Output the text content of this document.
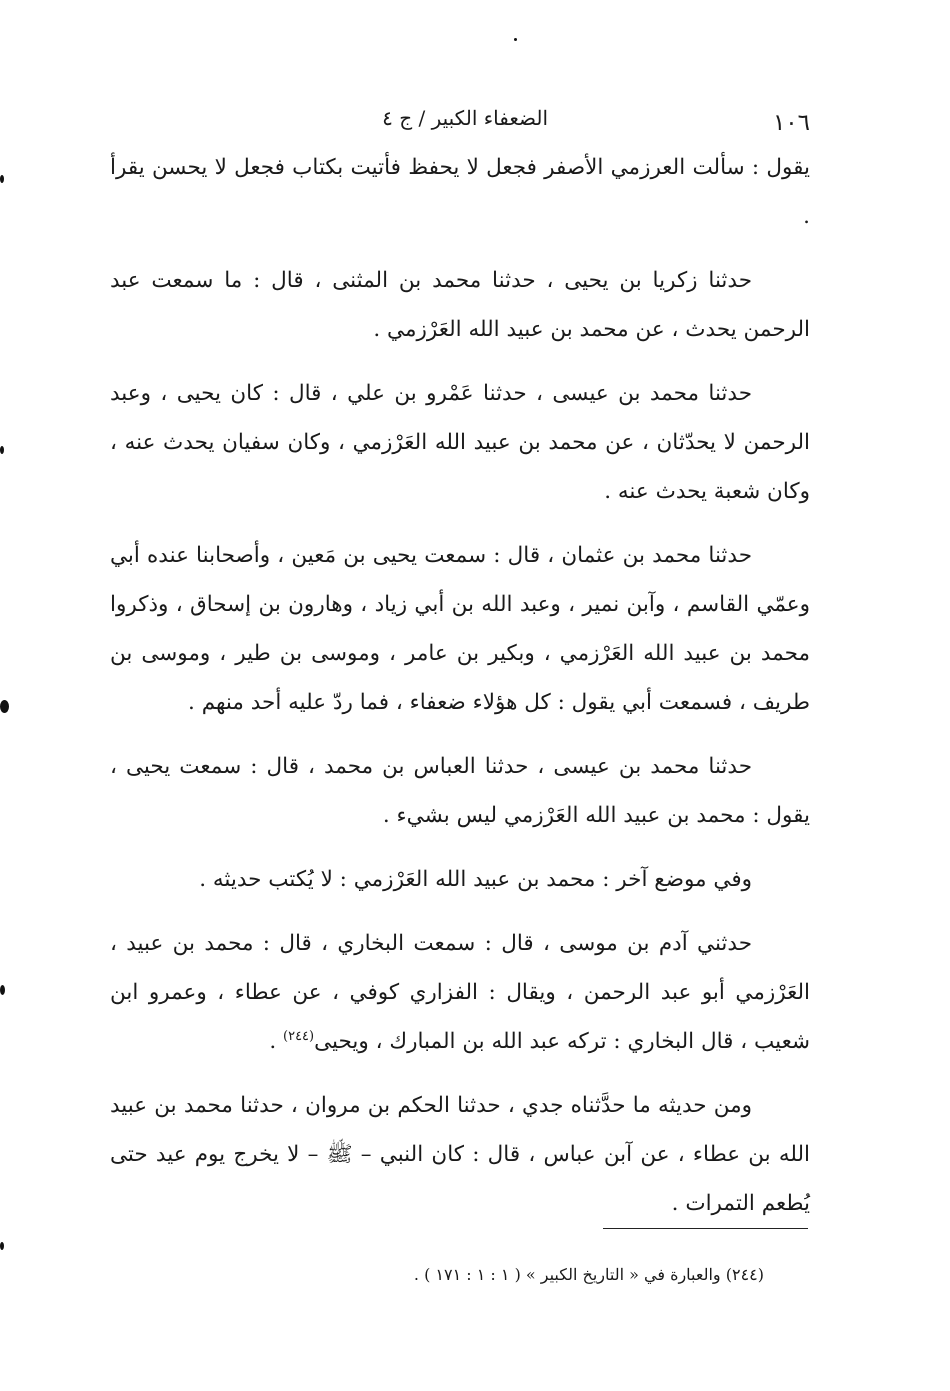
١٠٦
الضعفاء الكبير / ج ٤

يقول : سألت العرزمي الأصفر فجعل لا يحفظ فأتيت بكتاب فجعل لا يحسن يقرأ .

حدثنا زكريا بن يحيى ، حدثنا محمد بن المثنى ، قال : ما سمعت عبد الرحمن يحدث ، عن محمد بن عبيد الله العَرْزمي .

حدثنا محمد بن عيسى ، حدثنا عَمْرو بن علي ، قال : كان يحيى ، وعبد الرحمن لا يحدّثان ، عن محمد بن عبيد الله العَرْزمي ، وكان سفيان يحدث عنه ، وكان شعبة يحدث عنه .

حدثنا محمد بن عثمان ، قال : سمعت يحيى بن مَعين ، وأصحابنا عنده أبي وعمّي القاسم ، وآبن نمير ، وعبد الله بن أبي زياد ، وهارون بن إسحاق ، وذكروا محمد بن عبيد الله العَرْزمي ، وبكير بن عامر ، وموسى بن طير ، وموسى بن طريف ، فسمعت أبي يقول : كل هؤلاء ضعفاء ، فما ردّ عليه أحد منهم .

حدثنا محمد بن عيسى ، حدثنا العباس بن محمد ، قال : سمعت يحيى ، يقول : محمد بن عبيد الله العَرْزمي ليس بشيء .

وفي موضع آخر : محمد بن عبيد الله العَرْزمي : لا يُكتب حديثه .

حدثني آدم بن موسى ، قال : سمعت البخاري ، قال : محمد بن عبيد ، العَرْزمي أبو عبد الرحمن ، ويقال : الفزاري كوفي ، عن عطاء ، وعمرو ابن شعيب ، قال البخاري : تركه عبد الله بن المبارك ، ويحيى$^{(٢٤٤)}$ .

ومن حديثه ما حدَّثناه جدي ، حدثنا الحكم بن مروان ، حدثنا محمد بن عبيد الله بن عطاء ، عن آبن عباس ، قال : كان النبي – ﷺ – لا يخرج يوم عيد حتى يُطعم التمرات .

(٢٤٤) والعبارة في « التاريخ الكبير » ( ١ : ١ : ١٧١ ) .
